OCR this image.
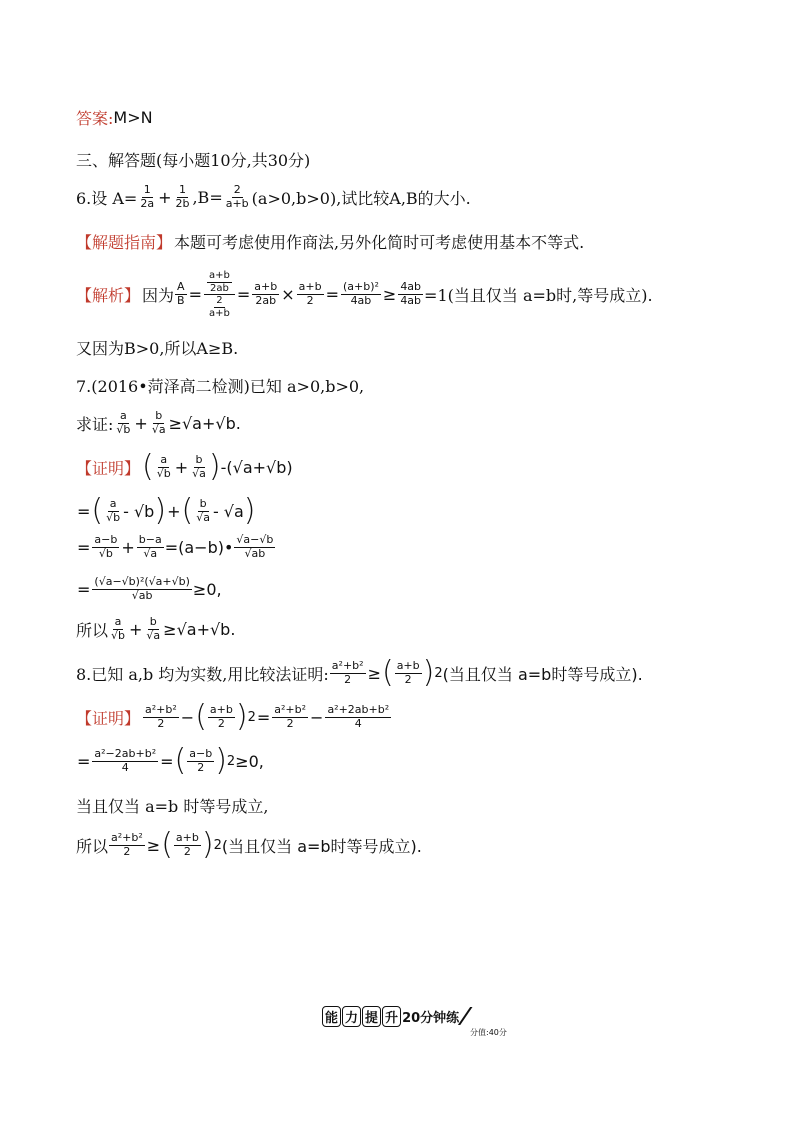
答案: M>N
三、解答题(每小题10分,共30分)
6.设 $A= \frac{1}{2a} + \frac{1}{2b} ,B= \frac{2}{a+b} (a>0,b>0)$,试比较A,B的大小.
【解题指南】 本题可考虑使用作商法,另外化简时可考虑使用基本不等式.
【解析】 因为 $\frac{A}{B} = \frac{\frac{a+b}{2ab}}{\frac{2}{a+b}} = \frac{a+b}{2ab} \times \frac{a+b}{2} = \frac{\text{(a+b)²}}{4ab} \ge \frac{4ab}{4ab} =1$(当且仅当 a=b时,等号成立).
又因为B>0,所以A≥B.
7.(2016•菏泽高二检测)已知 a>0,b>0,
求证: $\frac{a}{√b} + \frac{b}{√a} \ge√a+√b$.
【证明】 ( $\frac{a}{√b} + \frac{b}{√a}$ ) -(√a+√b)
= ( $\frac{a}{√b} - √b$ ) + ( $\frac{b}{√a} - √a$ )
= $\frac{a-b}{√b} + \frac{b-a}{√a}$ =(a−b)• $\frac{√a-√b}{√ab}$
= $\frac{\text{(√a−√b)²(√a+√b)}}{√ab} \ge 0$,
所以 $\frac{a}{√b} + \frac{b}{√a} \ge√a+√b$.
8.已知 a,b 均为实数,用比较法证明: $\frac{\text{a²+b²}}{2}$ ≥ ( $\frac{a+b}{2}$ ) 2 (当且仅当 a=b时等号成立).
【证明】 $\frac{\text{a²+b²}}{2}$ − ( $\frac{a+b}{2}$ ) $2 = \frac{\text{a²+b²}}{2} - \frac{\text{a²+2ab+b²}}{4}$
= $\frac{\text{a²−2ab+b²}}{4}$ = ( $\frac{a-b}{2}$ ) 2 ≥0,
当且仅当 a=b 时等号成立,
所以 $\frac{\text{a²+b²}}{2}$ ≥ ( $\frac{a+b}{2}$ ) 2 (当且仅当 a=b时等号成立).
能 力 提 升 20分钟练
/
分值:40分
